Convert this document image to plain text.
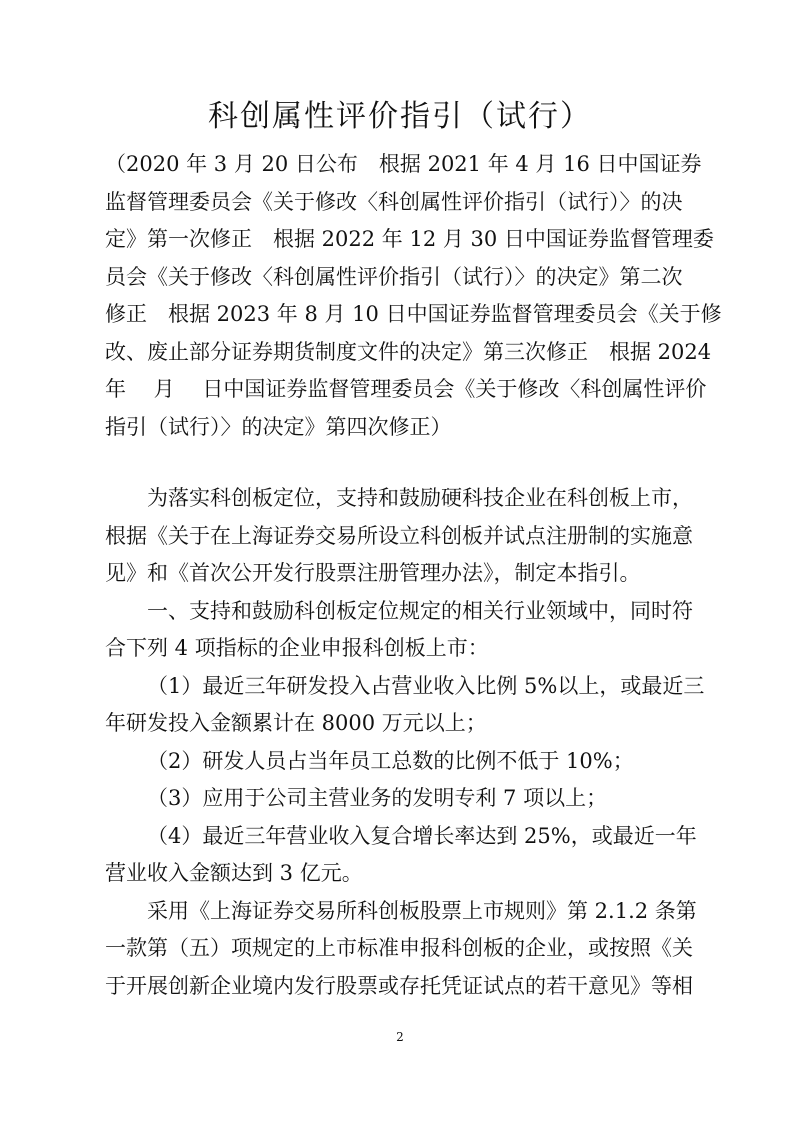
科创属性评价指引（试行）
（2020 年 3 月 20 日公布　根据 2021 年 4 月 16 日中国证券
监督管理委员会《关于修改〈科创属性评价指引（试行）〉的决
定》第一次修正　根据 2022 年 12 月 30 日中国证券监督管理委
员会《关于修改〈科创属性评价指引（试行）〉的决定》第二次
修正　根据 2023 年 8 月 10 日中国证券监督管理委员会《关于修
改、废止部分证券期货制度文件的决定》第三次修正　根据 2024
年　 月　 日中国证券监督管理委员会《关于修改〈科创属性评价
指引（试行）〉的决定》第四次修正）

为落实科创板定位，支持和鼓励硬科技企业在科创板上市，
根据《关于在上海证券交易所设立科创板并试点注册制的实施意
见》和《首次公开发行股票注册管理办法》，制定本指引。

一、支持和鼓励科创板定位规定的相关行业领域中，同时符
合下列 4 项指标的企业申报科创板上市：

（1）最近三年研发投入占营业收入比例 5%以上，或最近三
年研发投入金额累计在 8000 万元以上；

（2）研发人员占当年员工总数的比例不低于 10%；

（3）应用于公司主营业务的发明专利 7 项以上；

（4）最近三年营业收入复合增长率达到 25%，或最近一年
营业收入金额达到 3 亿元。

采用《上海证券交易所科创板股票上市规则》第 2.1.2 条第
一款第（五）项规定的上市标准申报科创板的企业，或按照《关
于开展创新企业境内发行股票或存托凭证试点的若干意见》等相

2
